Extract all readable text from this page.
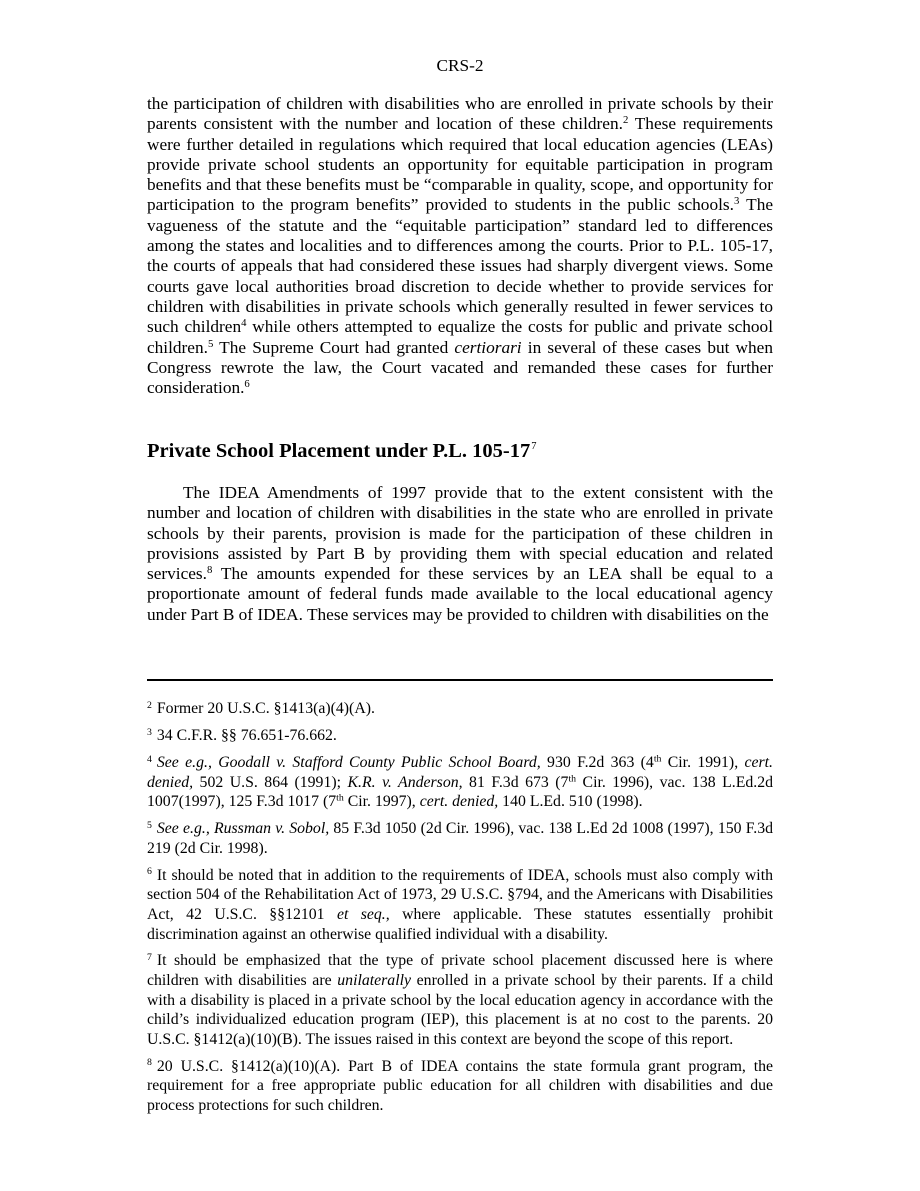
CRS-2

the participation of children with disabilities who are enrolled in private schools by their parents consistent with the number and location of these children.$^2$ These requirements were further detailed in regulations which required that local education agencies (LEAs) provide private school students an opportunity for equitable participation in program benefits and that these benefits must be “comparable in quality, scope, and opportunity for participation to the program benefits” provided to students in the public schools.$^3$ The vagueness of the statute and the “equitable participation” standard led to differences among the states and localities and to differences among the courts. Prior to P.L. 105-17, the courts of appeals that had considered these issues had sharply divergent views. Some courts gave local authorities broad discretion to decide whether to provide services for children with disabilities in private schools which generally resulted in fewer services to such children$^4$ while others attempted to equalize the costs for public and private school children.$^5$ The Supreme Court had granted certiorari in several of these cases but when Congress rewrote the law, the Court vacated and remanded these cases for further consideration.$^6$

Private School Placement under P.L. $105-17^7$

The IDEA Amendments of 1997 provide that to the extent consistent with the number and location of children with disabilities in the state who are enrolled in private schools by their parents, provision is made for the participation of these children in provisions assisted by Part B by providing them with special education and related services.$^8$ The amounts expended for these services by an LEA shall be equal to a proportionate amount of federal funds made available to the local educational agency under Part B of IDEA. These services may be provided to children with disabilities on the

$^2$ Former 20 U.S.C. §1413(a)(4)(A).
$^3$ 34 C.F.R. §§ 76.651-76.662.
$^4$ See e.g., Goodall v. Stafford County Public School Board, 930 F.2d 363 (4th Cir. 1991), cert. denied, 502 U.S. 864 (1991); K.R. v. Anderson, 81 F.3d 673 (7th Cir. 1996), vac. 138 L.Ed.2d 1007(1997), 125 F.3d 1017 (7th Cir. 1997), cert. denied, 140 L.Ed. 510 (1998).
$^5$ See e.g., Russman v. Sobol, 85 F.3d 1050 (2d Cir. 1996), vac. 138 L.Ed 2d 1008 (1997), 150 F.3d 219 (2d Cir. 1998).
$^6$ It should be noted that in addition to the requirements of IDEA, schools must also comply with section 504 of the Rehabilitation Act of 1973, 29 U.S.C. §794, and the Americans with Disabilities Act, 42 U.S.C. §§12101 et seq., where applicable. These statutes essentially prohibit discrimination against an otherwise qualified individual with a disability.
$^7$ It should be emphasized that the type of private school placement discussed here is where children with disabilities are unilaterally enrolled in a private school by their parents. If a child with a disability is placed in a private school by the local education agency in accordance with the child’s individualized education program (IEP), this placement is at no cost to the parents. 20 U.S.C. §1412(a)(10)(B). The issues raised in this context are beyond the scope of this report.
$^8$ 20 U.S.C. §1412(a)(10)(A). Part B of IDEA contains the state formula grant program, the requirement for a free appropriate public education for all children with disabilities and due process protections for such children.
